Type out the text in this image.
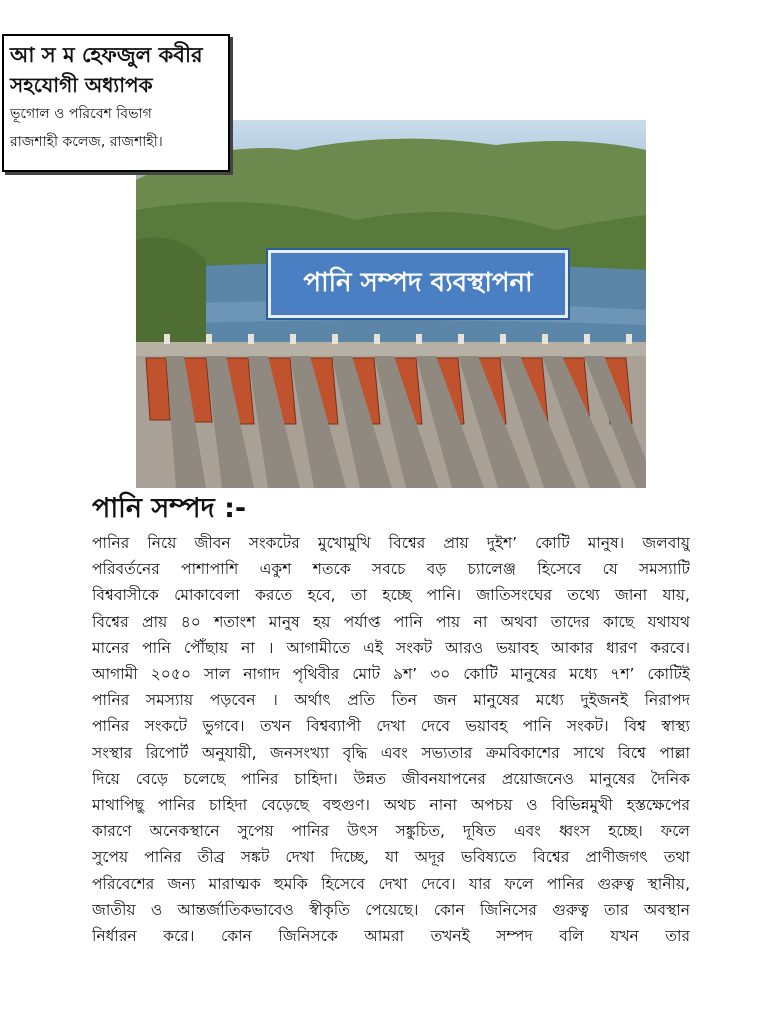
আ স ম হেফজুল কবীর
সহযোগী অধ্যাপক
ভূগোল ও পরিবেশ বিভাগ
রাজশাহী কলেজ, রাজশাহী।
পানি সম্পদ ব্যবস্থাপনা
পানি সম্পদ :-
পানির নিয়ে জীবন সংকটের মুখোমুখি বিশ্বের প্রায় দুইশ’ কোটি মানুষ। জলবায়ু
পরিবর্তনের পাশাপাশি একুশ শতকে সবচে বড় চ্যালেঞ্জ হিসেবে যে সমস্যাটি
বিশ্ববাসীকে মোকাবেলা করতে হবে, তা হচ্ছে পানি। জাতিসংঘের তথ্যে জানা যায়,
বিশ্বের প্রায় ৪০ শতাংশ মানুষ হয় পর্যাপ্ত পানি পায় না অথবা তাদের কাছে যথাযথ
মানের পানি পৌঁছায় না । আগামীতে এই সংকট আরও ভয়াবহ আকার ধারণ করবে।
আগামী ২০৫০ সাল নাগাদ পৃথিবীর মোট ৯শ’ ৩০ কোটি মানুষের মধ্যে ৭শ’ কোটিই
পানির সমস্যায় পড়বেন । অর্থাৎ প্রতি তিন জন মানুষের মধ্যে দুইজনই নিরাপদ
পানির সংকটে ভুগবে। তখন বিশ্বব্যাপী দেখা দেবে ভয়াবহ পানি সংকট। বিশ্ব স্বাস্থ্য
সংস্থার রিপোর্ট অনুযায়ী, জনসংখ্যা বৃদ্ধি এবং সভ্যতার ক্রমবিকাশের সাথে বিশ্বে পাল্লা
দিয়ে বেড়ে চলেছে পানির চাহিদা। উন্নত জীবনযাপনের প্রয়োজনেও মানুষের দৈনিক
মাথাপিছু পানির চাহিদা বেড়েছে বহুগুণ। অথচ নানা অপচয় ও বিভিন্নমুখী হস্তক্ষেপের
কারণে অনেকস্থানে সুপেয় পানির উৎস সঙ্কুচিত, দূষিত এবং ধ্বংস হচ্ছে। ফলে
সুপেয় পানির তীব্র সঙ্কট দেখা দিচ্ছে, যা অদূর ভবিষ্যতে বিশ্বের প্রাণীজগৎ তথা
পরিবেশের জন্য মারাত্মক হুমকি হিসেবে দেখা দেবে। যার ফলে পানির গুরুত্ব স্থানীয়,
জাতীয় ও আন্তর্জাতিকভাবেও স্বীকৃতি পেয়েছে। কোন জিনিসের গুরুত্ব তার অবস্থান
নির্ধারন করে। কোন জিনিসকে আমরা তখনই সম্পদ বলি যখন তার
